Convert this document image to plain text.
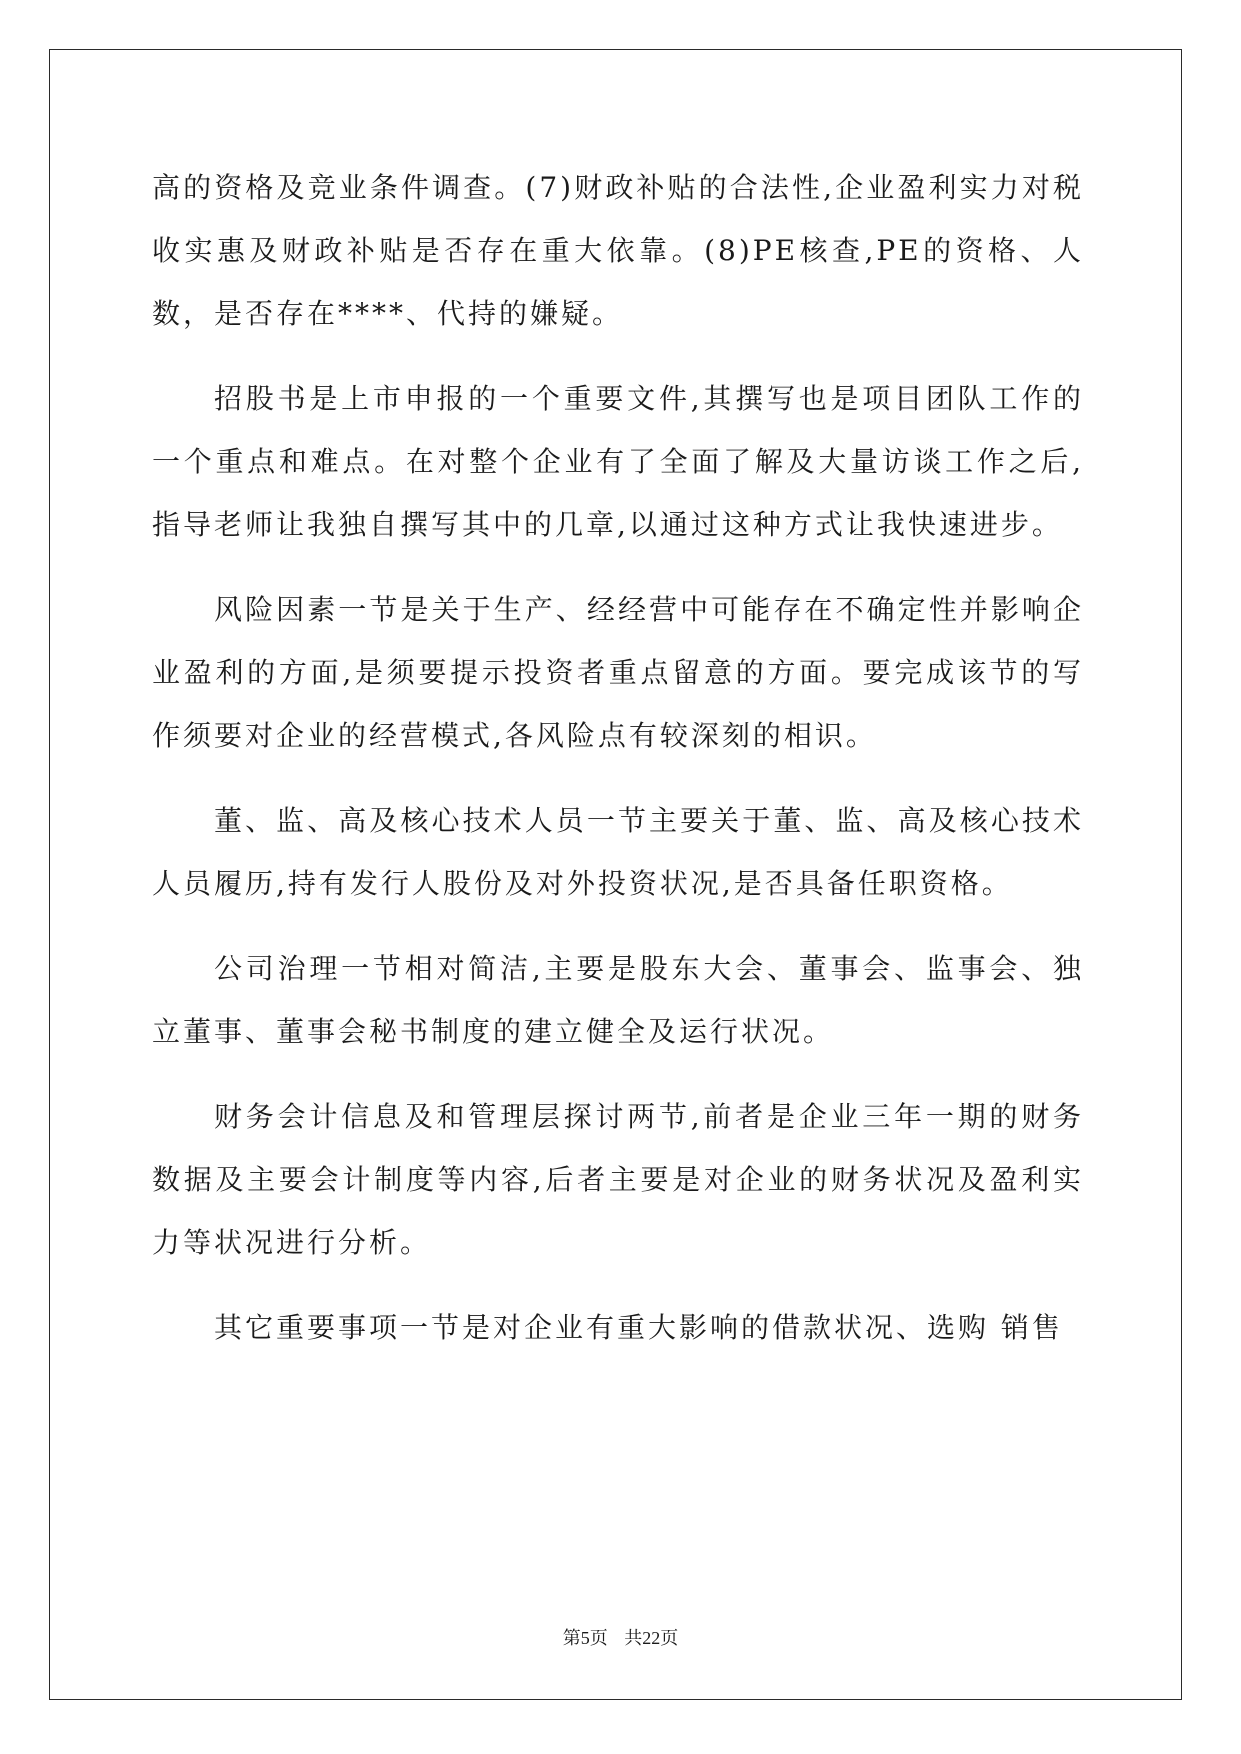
高的资格及竞业条件调查。(7)财政补贴的合法性,企业盈利实力对税收实惠及财政补贴是否存在重大依靠。(8)PE核查,PE的资格、人数，是否存在****、代持的嫌疑。

招股书是上市申报的一个重要文件,其撰写也是项目团队工作的一个重点和难点。在对整个企业有了全面了解及大量访谈工作之后,指导老师让我独自撰写其中的几章,以通过这种方式让我快速进步。

风险因素一节是关于生产、经经营中可能存在不确定性并影响企业盈利的方面,是须要提示投资者重点留意的方面。要完成该节的写作须要对企业的经营模式,各风险点有较深刻的相识。

董、监、高及核心技术人员一节主要关于董、监、高及核心技术人员履历,持有发行人股份及对外投资状况,是否具备任职资格。

公司治理一节相对简洁,主要是股东大会、董事会、监事会、独立董事、董事会秘书制度的建立健全及运行状况。

财务会计信息及和管理层探讨两节,前者是企业三年一期的财务数据及主要会计制度等内容,后者主要是对企业的财务状况及盈利实力等状况进行分析。

其它重要事项一节是对企业有重大影响的借款状况、选购 销售

第5页 共22页
